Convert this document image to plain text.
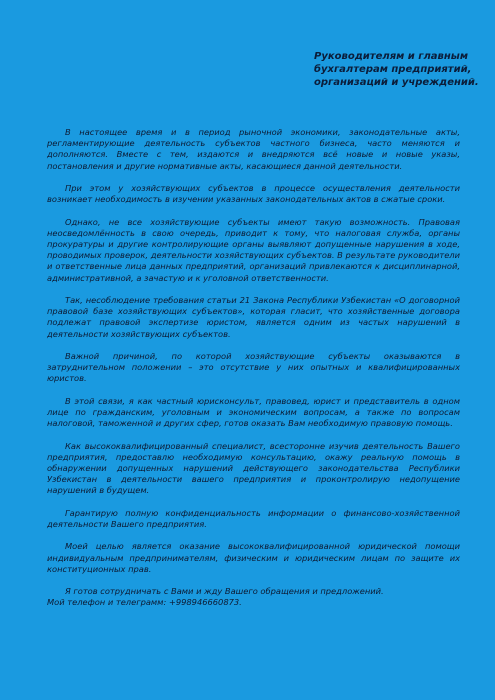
Руководителям и главным
бухгалтерам предприятий,
организаций и учреждений.

В настоящее время и в период рыночной экономики, законодательные акты, регламентирующие деятельность субъектов частного бизнеса, часто меняются и дополняются. Вместе с тем, издаются и внедряются всё новые и новые указы, постановления и другие нормативные акты, касающиеся данной деятельности.

При этом у хозяйствующих субъектов в процессе осуществления деятельности возникает необходимость в изучении указанных законодательных актов в сжатые сроки.

Однако, не все хозяйствующие субъекты имеют такую возможность. Правовая неосведомлённость в свою очередь, приводит к тому, что налоговая служба, органы прокуратуры и другие контролирующие органы выявляют допущенные нарушения в ходе, проводимых проверок, деятельности хозяйствующих субъектов. В результате руководители и ответственные лица данных предприятий, организаций привлекаются к дисциплинарной, административной, а зачастую и к уголовной ответственности.

Так, несоблюдение требования статьи 21 Закона Республики Узбекистан «О договорной правовой базе хозяйствующих субъектов», которая гласит, что хозяйственные договора подлежат правовой экспертизе юристом, является одним из частых нарушений в деятельности хозяйствующих субъектов.

Важной причиной, по которой хозяйствующие субъекты оказываются в затруднительном положении – это отсутствие у них опытных и квалифицированных юристов.

В этой связи, я как частный юрисконсульт, правовед, юрист и представитель в одном лице по гражданским, уголовным и экономическим вопросам, а также по вопросам налоговой, таможенной и других сфер, готов оказать Вам необходимую правовую помощь.

Как высококвалифицированный специалист, всесторонне изучив деятельность Вашего предприятия, предоставлю необходимую консультацию, окажу реальную помощь в обнаружении допущенных нарушений действующего законодательства Республики Узбекистан в деятельности вашего предприятия и проконтролирую недопущение нарушений в будущем.

Гарантирую полную конфиденциальность информации о финансово-хозяйственной деятельности Вашего предприятия.

Моей целью является оказание высококвалифицированной юридической помощи индивидуальным предпринимателям, физическим и юридическим лицам по защите их конституционных прав.

Я готов сотрудничать с Вами и жду Вашего обращения и предложений.
Мой телефон и телеграмм: +998946660873.
